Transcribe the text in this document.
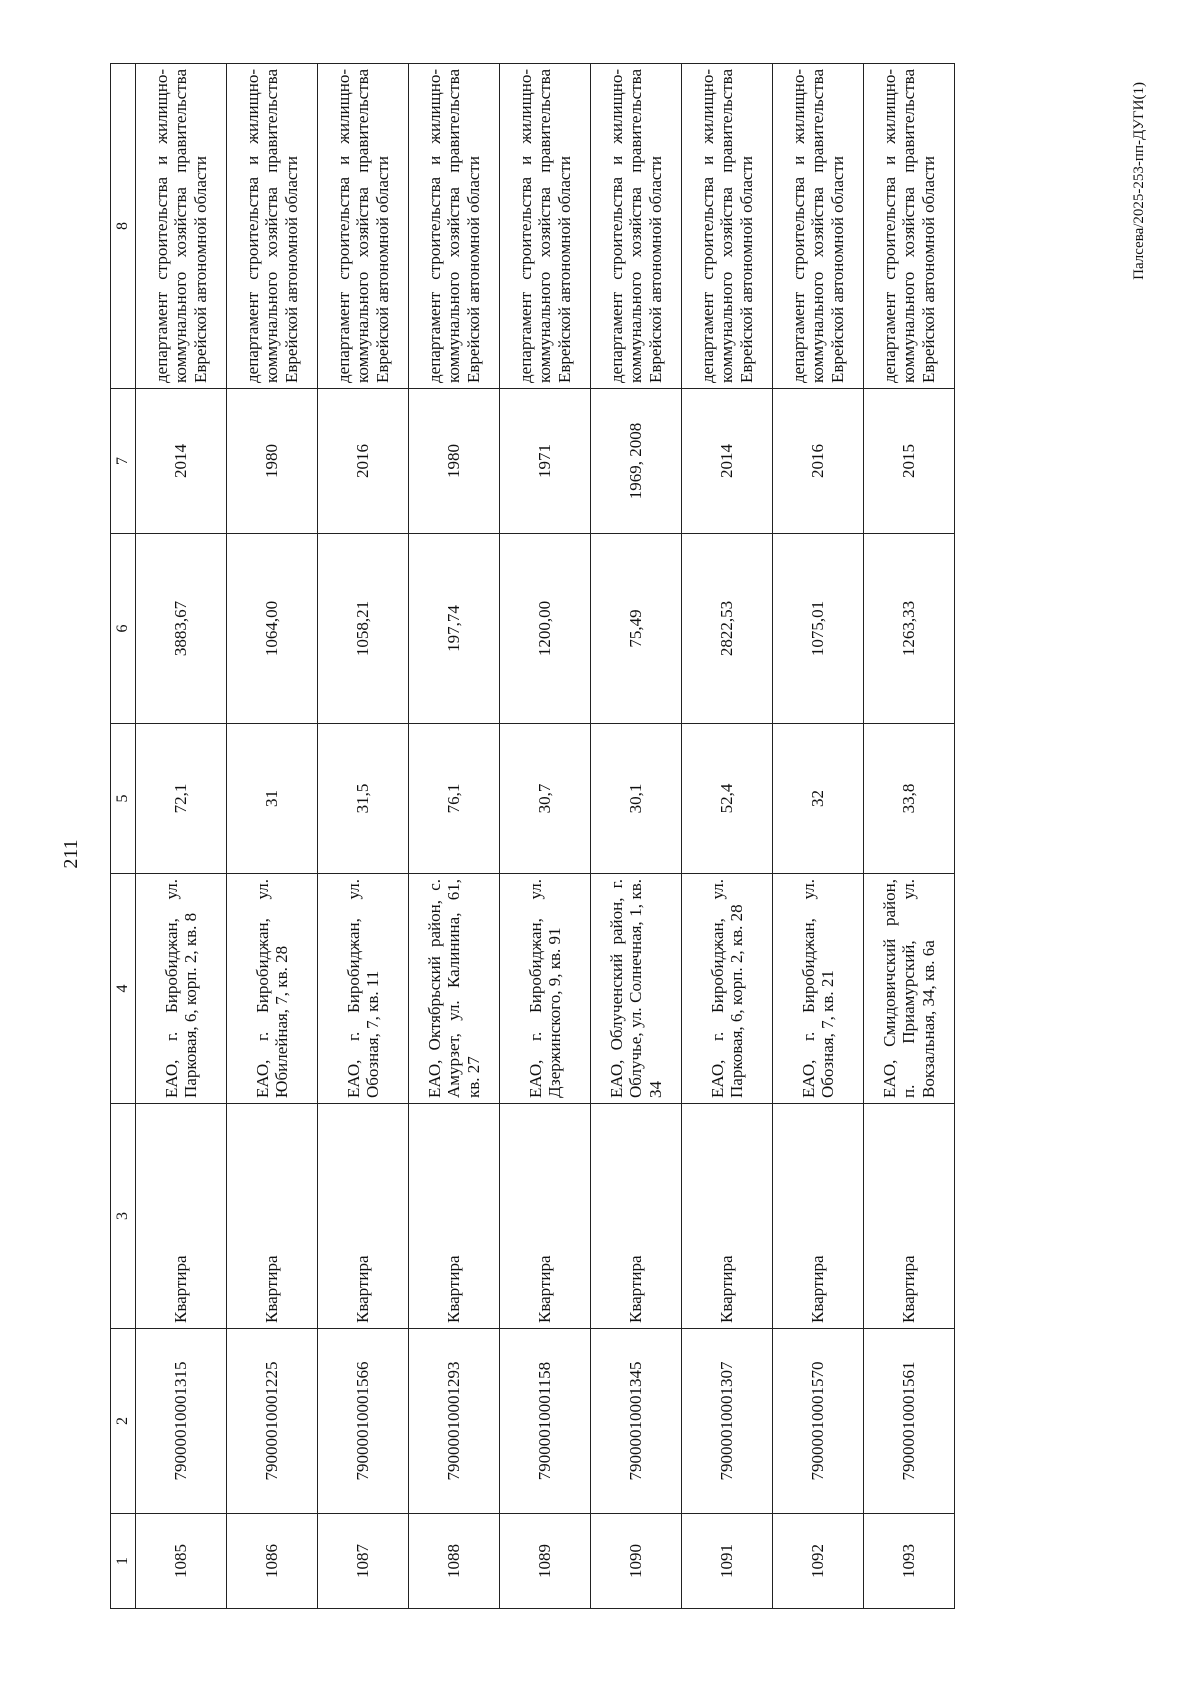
211
1	2	3	4	5	6	7	8
1085	79000010001315	Квартира	ЕАО, г. Биробиджан, ул. Парковая, 6, корп. 2, кв. 8	72,1	3883,67	2014	департамент строительства и жилищно-коммунального хозяйства правительства Еврейской автономной области
1086	79000010001225	Квартира	ЕАО, г. Биробиджан, ул. Юбилейная, 7, кв. 28	31	1064,00	1980	департамент строительства и жилищно-коммунального хозяйства правительства Еврейской автономной области
1087	79000010001566	Квартира	ЕАО, г. Биробиджан, ул. Обозная, 7, кв. 11	31,5	1058,21	2016	департамент строительства и жилищно-коммунального хозяйства правительства Еврейской автономной области
1088	79000010001293	Квартира	ЕАО, Октябрьский район, с. Амурзет, ул. Калинина, 61, кв. 27	76,1	197,74	1980	департамент строительства и жилищно-коммунального хозяйства правительства Еврейской автономной области
1089	79000010001158	Квартира	ЕАО, г. Биробиджан, ул. Дзержинского, 9, кв. 91	30,7	1200,00	1971	департамент строительства и жилищно-коммунального хозяйства правительства Еврейской автономной области
1090	79000010001345	Квартира	ЕАО, Облученский район, г. Облучье, ул. Солнечная, 1, кв. 34	30,1	75,49	1969, 2008	департамент строительства и жилищно-коммунального хозяйства правительства Еврейской автономной области
1091	79000010001307	Квартира	ЕАО, г. Биробиджан, ул. Парковая, 6, корп. 2, кв. 28	52,4	2822,53	2014	департамент строительства и жилищно-коммунального хозяйства правительства Еврейской автономной области
1092	79000010001570	Квартира	ЕАО, г. Биробиджан, ул. Обозная, 7, кв. 21	32	1075,01	2016	департамент строительства и жилищно-коммунального хозяйства правительства Еврейской автономной области
1093	79000010001561	Квартира	ЕАО, Смидовичский район, п. Приамурский, ул. Вокзальная, 34, кв. 6а	33,8	1263,33	2015	департамент строительства и жилищно-коммунального хозяйства правительства Еврейской автономной области	Палсева/2025-253-пп-ДУГИ(1)
